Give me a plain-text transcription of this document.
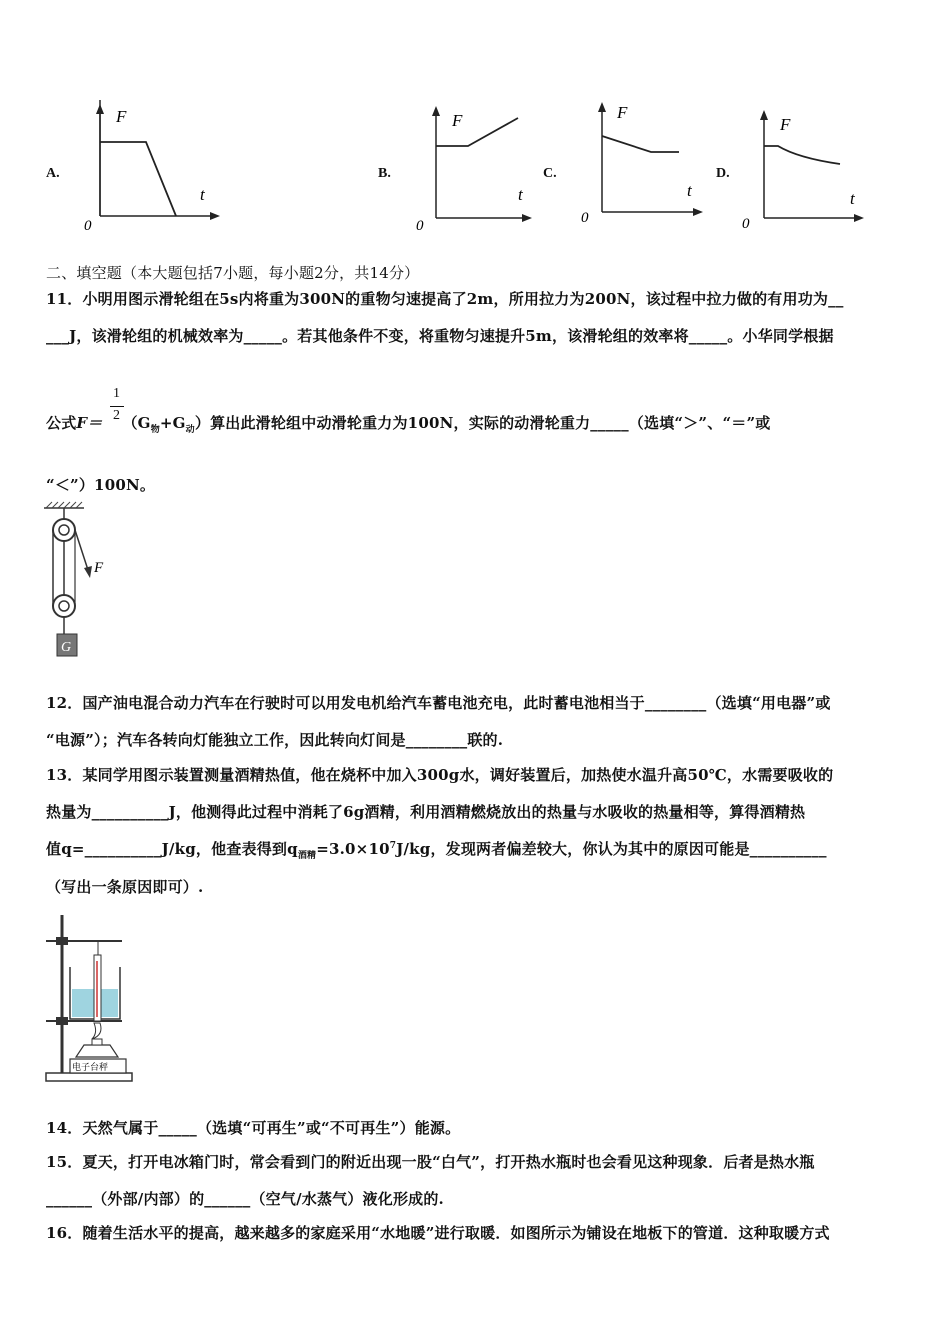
A.
F
t
0
B.
F
t
0
C.
F
t
0
D.
F
t
0
二、填空题（本大题包括7小题，每小题2分，共14分）
11．小明用图示滑轮组在5s内将重为300N的重物匀速提高了2m，所用拉力为200N，该过程中拉力做的有用功为__
___J，该滑轮组的机械效率为_____。若其他条件不变，将重物匀速提升5m，该滑轮组的效率将_____。小华同学根据
公式$F= (G_物+G_动)$算出此滑轮组中动滑轮重力为100N，实际的动滑轮重力_____（选填“＞”、“＝”或
1
2
“＜”）100N。
F
G
12．国产油电混合动力汽车在行驶时可以用发电机给汽车蓄电池充电，此时蓄电池相当于________（选填“用电器”或
“电源”）；汽车各转向灯能独立工作，因此转向灯间是________联的.
13．某同学用图示装置测量酒精热值，他在烧杯中加入300g水，调好装置后，加热使水温升高50℃，水需要吸收的
热量为__________J，他测得此过程中消耗了6g酒精，利用酒精燃烧放出的热量与水吸收的热量相等，算得酒精热
值q=__________J/kg，他查表得到$q_{酒精}=3.0\times 10^7J/kg$，发现两者偏差较大，你认为其中的原因可能是__________
（写出一条原因即可）.
电子台秤
14．天然气属于_____（选填“可再生”或“不可再生”）能源。
15．夏天，打开电冰箱门时，常会看到门的附近出现一股“白气”，打开热水瓶时也会看见这种现象．后者是热水瓶
______（外部/内部）的______（空气/水蒸气）液化形成的.
16．随着生活水平的提高，越来越多的家庭采用“水地暖”进行取暖．如图所示为铺设在地板下的管道．这种取暖方式
